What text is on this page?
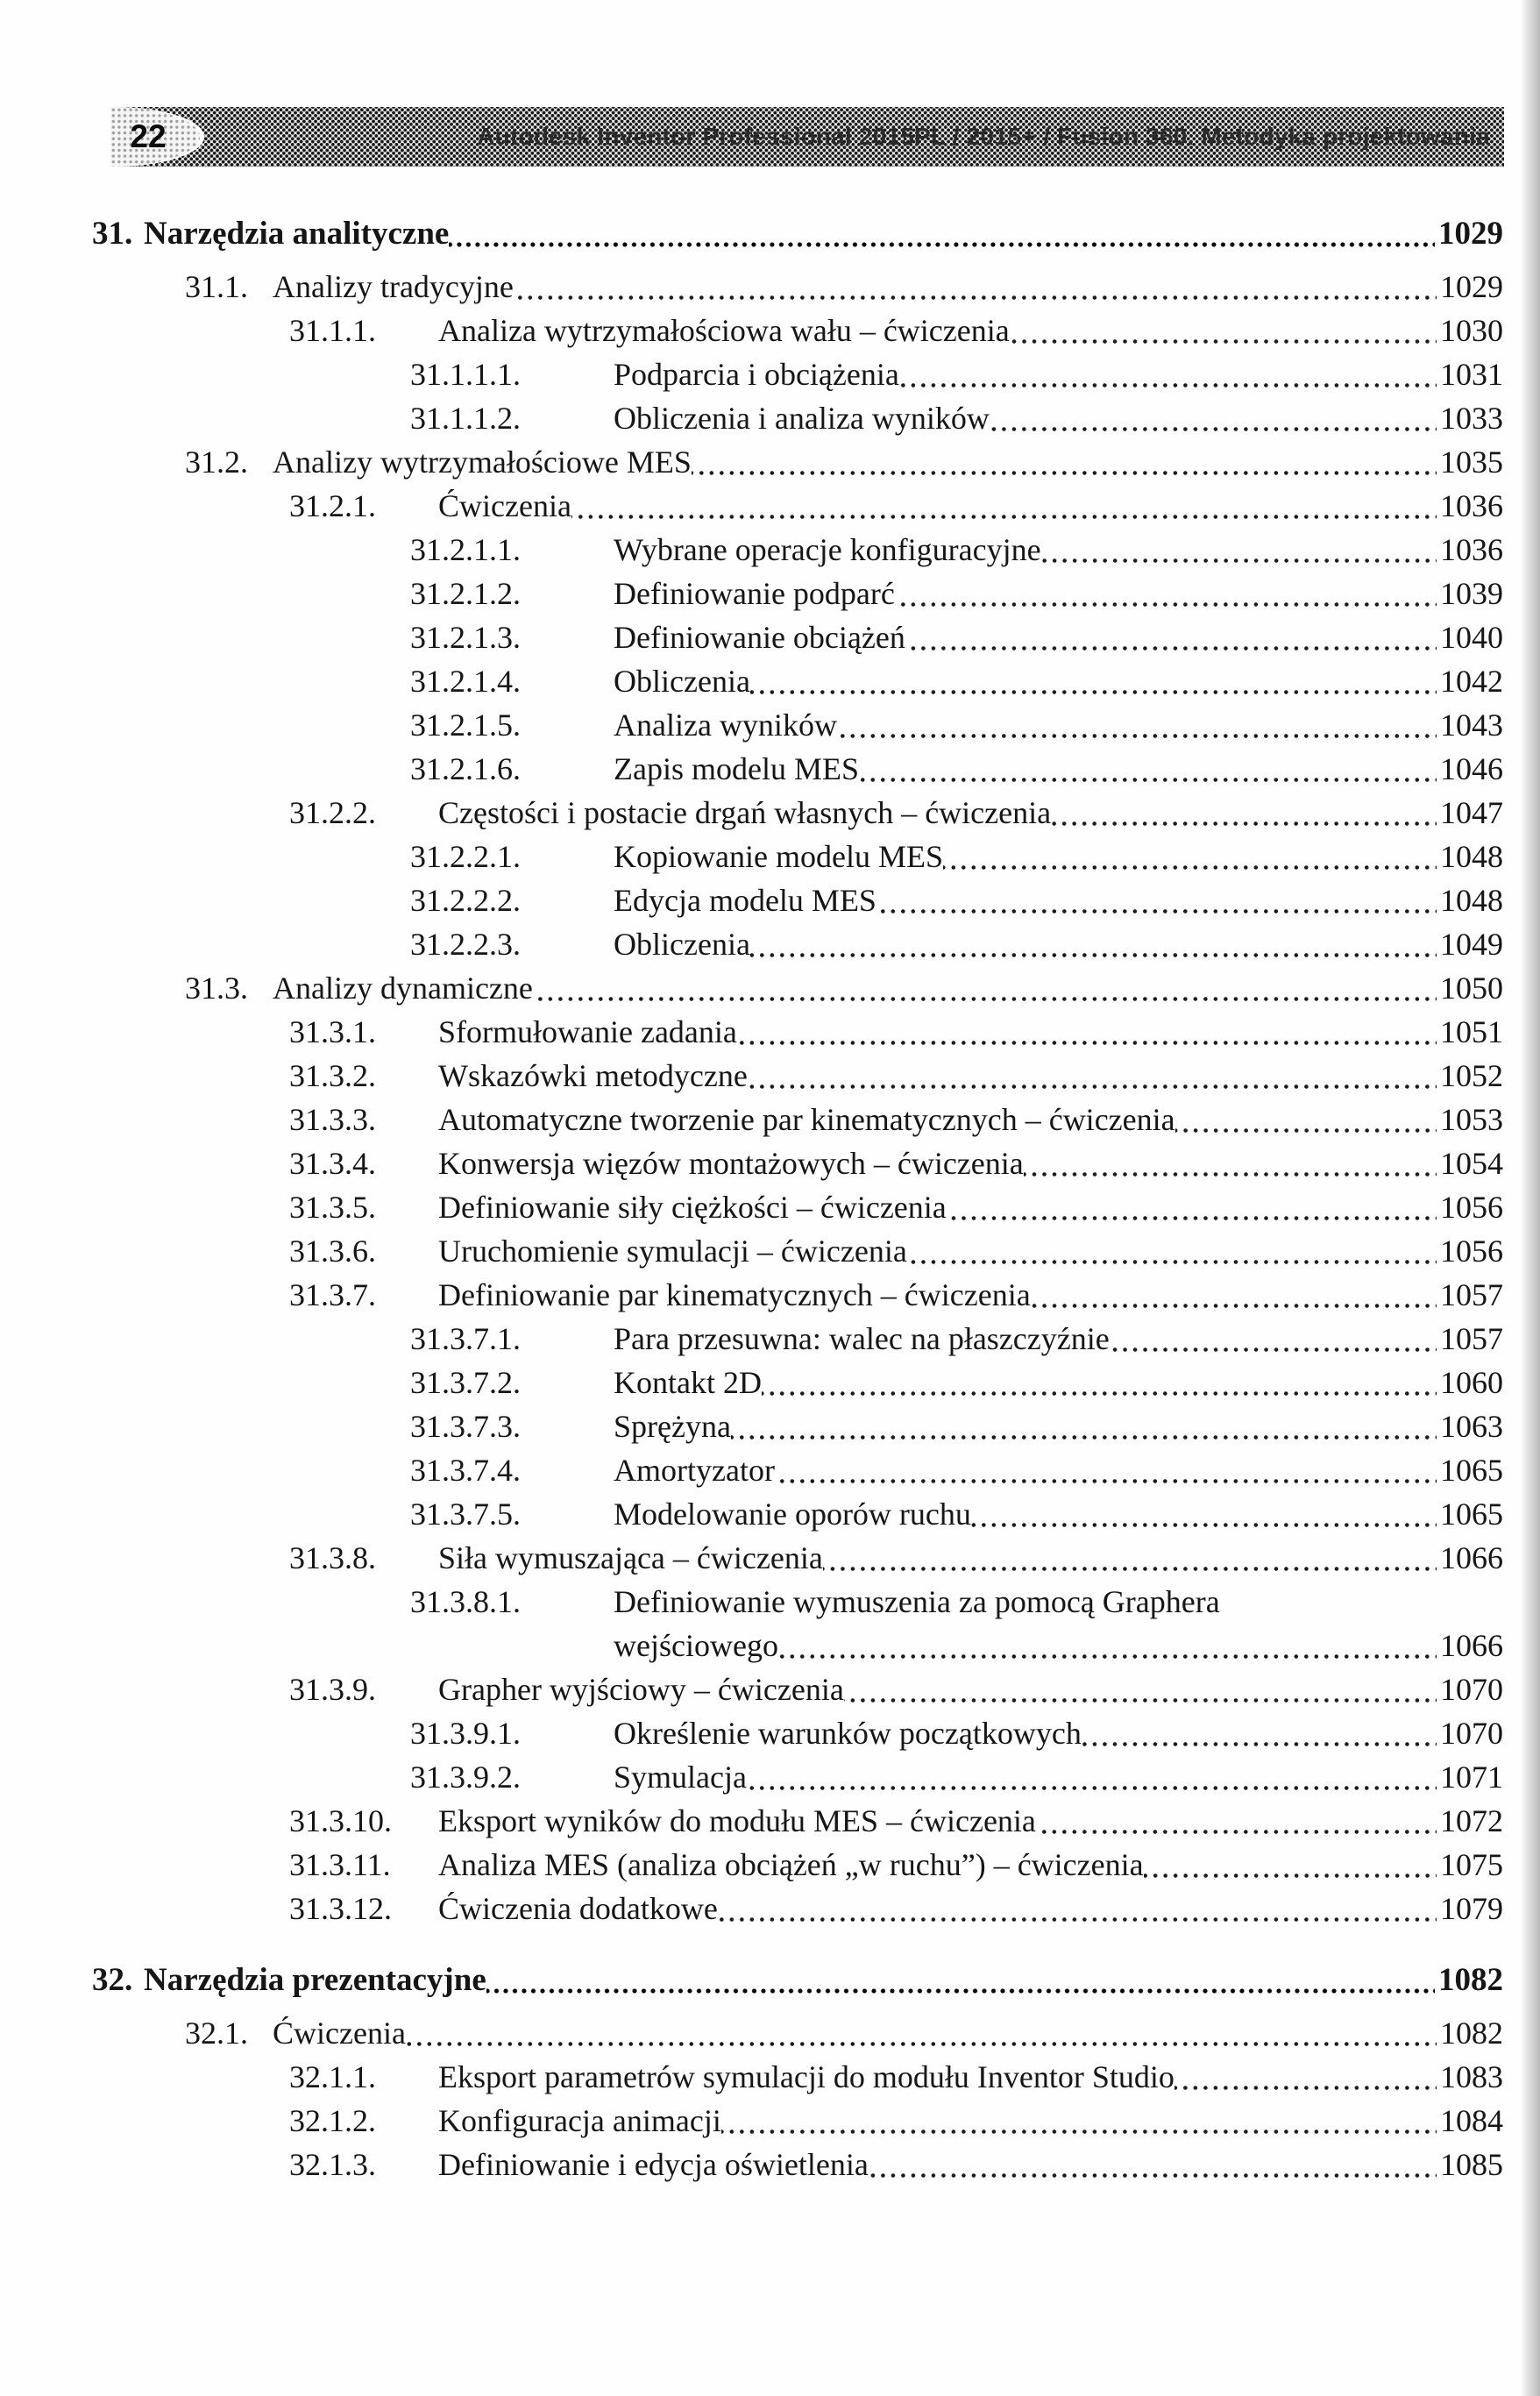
22	Autodesk Inventor Professional 2015PL / 2015+ / Fusion 360. Metodyka projektowania
31. Narzędzia analityczne	1029
31.1. Analizy tradycyjne	1029
31.1.1.	Analiza wytrzymałościowa wału – ćwiczenia	1030
31.1.1.1.	Podparcia i obciążenia	1031
31.1.1.2.	Obliczenia i analiza wyników	1033
31.2. Analizy wytrzymałościowe MES	1035
31.2.1.	Ćwiczenia	1036
31.2.1.1.	Wybrane operacje konfiguracyjne	1036
31.2.1.2.	Definiowanie podparć	1039
31.2.1.3.	Definiowanie obciążeń	1040
31.2.1.4.	Obliczenia	1042
31.2.1.5.	Analiza wyników	1043
31.2.1.6.	Zapis modelu MES	1046
31.2.2.	Częstości i postacie drgań własnych – ćwiczenia	1047
31.2.2.1.	Kopiowanie modelu MES	1048
31.2.2.2.	Edycja modelu MES	1048
31.2.2.3.	Obliczenia	1049
31.3. Analizy dynamiczne	1050
31.3.1.	Sformułowanie zadania	1051
31.3.2.	Wskazówki metodyczne	1052
31.3.3.	Automatyczne tworzenie par kinematycznych – ćwiczenia	1053
31.3.4.	Konwersja więzów montażowych – ćwiczenia	1054
31.3.5.	Definiowanie siły ciężkości – ćwiczenia	1056
31.3.6.	Uruchomienie symulacji – ćwiczenia	1056
31.3.7.	Definiowanie par kinematycznych – ćwiczenia	1057
31.3.7.1.	Para przesuwna: walec na płaszczyźnie	1057
31.3.7.2.	Kontakt 2D	1060
31.3.7.3.	Sprężyna	1063
31.3.7.4.	Amortyzator	1065
31.3.7.5.	Modelowanie oporów ruchu	1065
31.3.8.	Siła wymuszająca – ćwiczenia	1066
31.3.8.1.	Definiowanie wymuszenia za pomocą Graphera
wejściowego	1066
31.3.9.	Grapher wyjściowy – ćwiczenia	1070
31.3.9.1.	Określenie warunków początkowych	1070
31.3.9.2.	Symulacja	1071
31.3.10.	Eksport wyników do modułu MES – ćwiczenia	1072
31.3.11.	Analiza MES (analiza obciążeń „w ruchu”) – ćwiczenia	1075
31.3.12.	Ćwiczenia dodatkowe	1079
32. Narzędzia prezentacyjne	1082
32.1. Ćwiczenia	1082
32.1.1.	Eksport parametrów symulacji do modułu Inventor Studio	1083
32.1.2.	Konfiguracja animacji	1084
32.1.3.	Definiowanie i edycja oświetlenia	1085
